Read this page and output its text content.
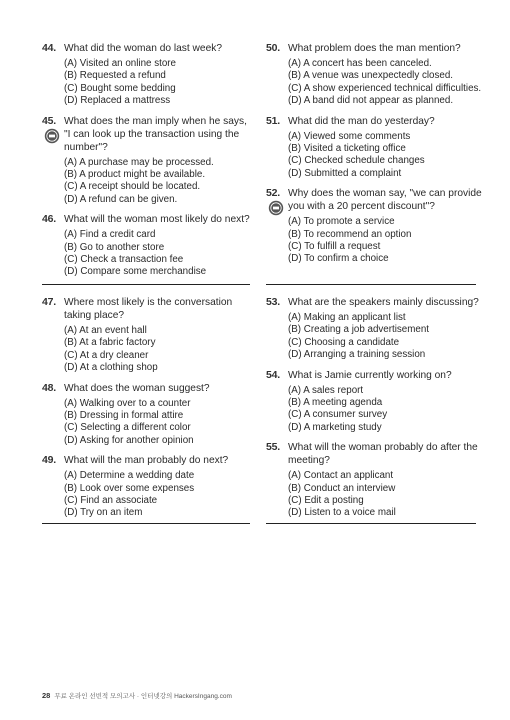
44. What did the woman do last week?

(A) Visited an online store
(B) Requested a refund
(C) Bought some bedding
(D) Replaced a mattress
45. What does the man imply when he says, "I can look up the transaction using the number"?

(A) A purchase may be processed.
(B) A product might be available.
(C) A receipt should be located.
(D) A refund can be given.
46. What will the woman most likely do next?

(A) Find a credit card
(B) Go to another store
(C) Check a transaction fee
(D) Compare some merchandise
50. What problem does the man mention?

(A) A concert has been canceled.
(B) A venue was unexpectedly closed.
(C) A show experienced technical difficulties.
(D) A band did not appear as planned.
51. What did the man do yesterday?

(A) Viewed some comments
(B) Visited a ticketing office
(C) Checked schedule changes
(D) Submitted a complaint
52. Why does the woman say, "we can provide you with a 20 percent discount"?

(A) To promote a service
(B) To recommend an option
(C) To fulfill a request
(D) To confirm a choice
47. Where most likely is the conversation taking place?

(A) At an event hall
(B) At a fabric factory
(C) At a dry cleaner
(D) At a clothing shop
48. What does the woman suggest?

(A) Walking over to a counter
(B) Dressing in formal attire
(C) Selecting a different color
(D) Asking for another opinion
49. What will the man probably do next?

(A) Determine a wedding date
(B) Look over some expenses
(C) Find an associate
(D) Try on an item
53. What are the speakers mainly discussing?

(A) Making an applicant list
(B) Creating a job advertisement
(C) Choosing a candidate
(D) Arranging a training session
54. What is Jamie currently working on?

(A) A sales report
(B) A meeting agenda
(C) A consumer survey
(D) A marketing study
55. What will the woman probably do after the meeting?

(A) Contact an applicant
(B) Conduct an interview
(C) Edit a posting
(D) Listen to a voice mail
28 무료 온라인 선빈적 모의고사 · 인터넷강의 HackersIngang.com
